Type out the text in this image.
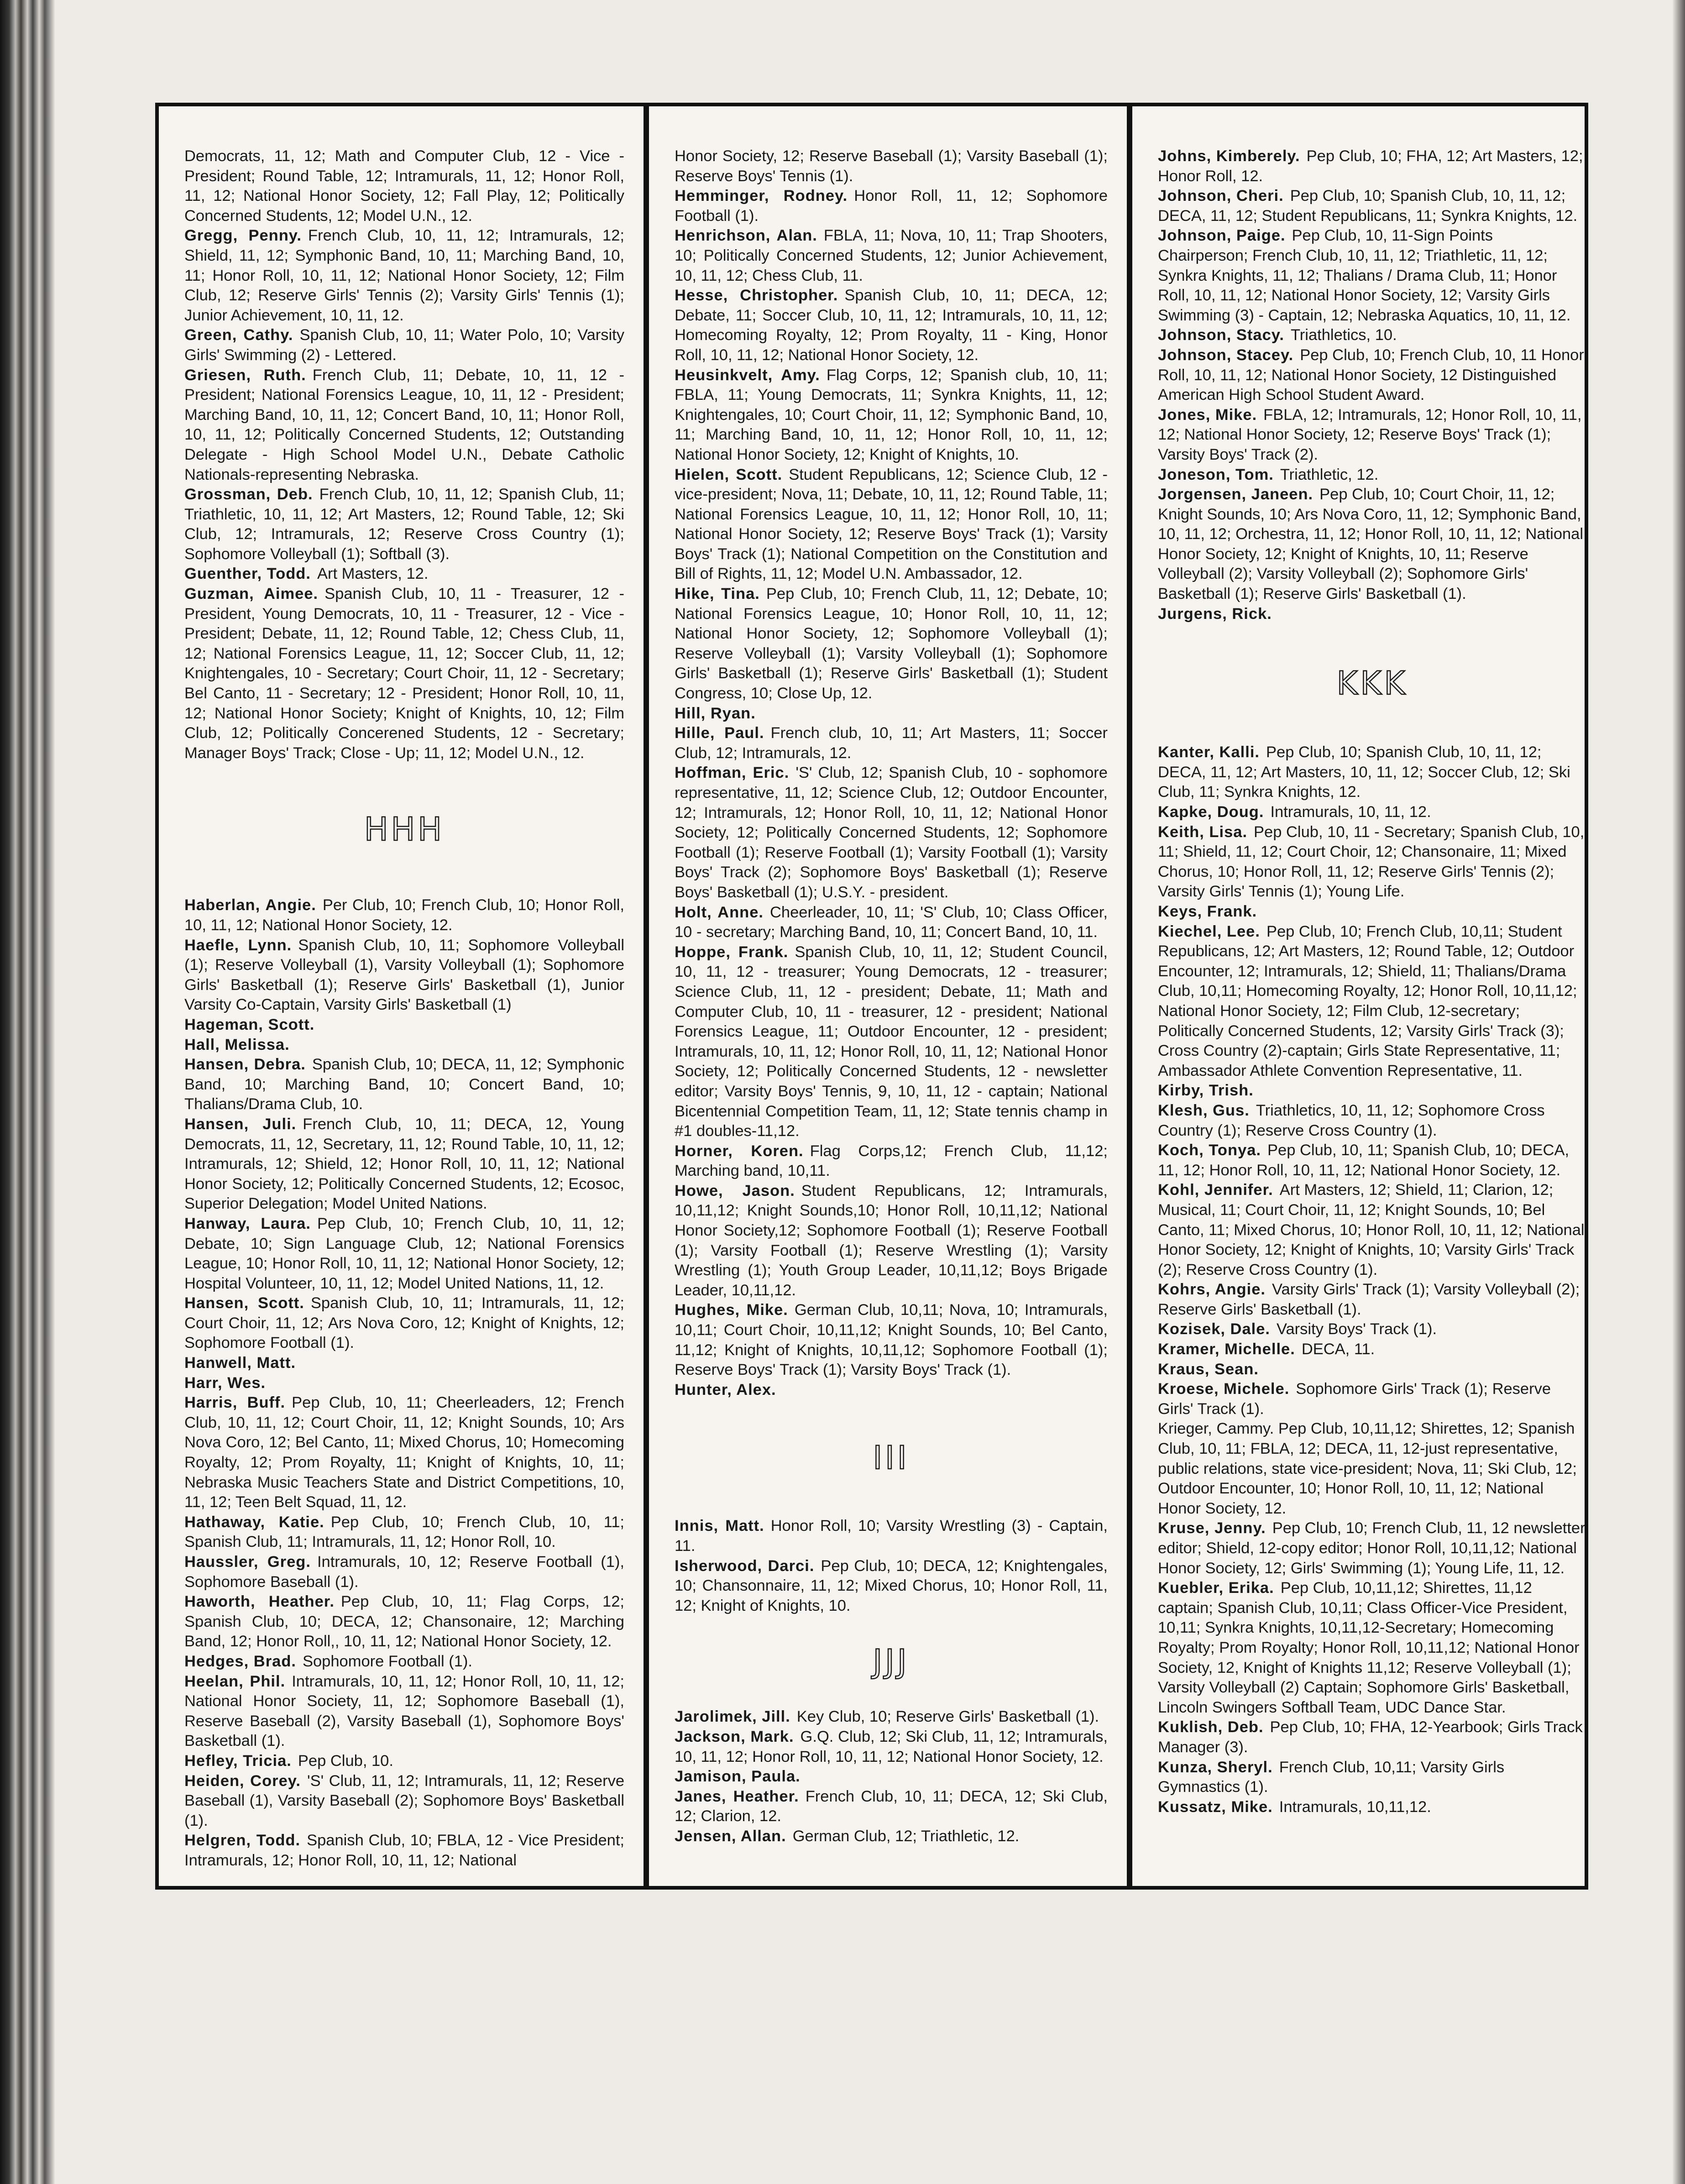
Democrats, 11, 12; Math and Computer Club, 12 - Vice - President; Round Table, 12; Intramurals, 11, 12; Honor Roll, 11, 12; National Honor Society, 12; Fall Play, 12; Politically Concerned Students, 12; Model U.N., 12.

Gregg, Penny. French Club, 10, 11, 12; Intramurals, 12; Shield, 11, 12; Symphonic Band, 10, 11; Marching Band, 10, 11; Honor Roll, 10, 11, 12; National Honor Society, 12; Film Club, 12; Reserve Girls' Tennis (2); Varsity Girls' Tennis (1); Junior Achievement, 10, 11, 12.

Green, Cathy. Spanish Club, 10, 11; Water Polo, 10; Varsity Girls' Swimming (2) - Lettered.

Griesen, Ruth. French Club, 11; Debate, 10, 11, 12 - President; National Forensics League, 10, 11, 12 - President; Marching Band, 10, 11, 12; Concert Band, 10, 11; Honor Roll, 10, 11, 12; Politically Concerned Students, 12; Outstanding Delegate - High School Model U.N., Debate Catholic Nationals-representing Nebraska.

Grossman, Deb. French Club, 10, 11, 12; Spanish Club, 11; Triathletic, 10, 11, 12; Art Masters, 12; Round Table, 12; Ski Club, 12; Intramurals, 12; Reserve Cross Country (1); Sophomore Volleyball (1); Softball (3).

Guenther, Todd. Art Masters, 12.

Guzman, Aimee. Spanish Club, 10, 11 - Treasurer, 12 - President, Young Democrats, 10, 11 - Treasurer, 12 - Vice - President; Debate, 11, 12; Round Table, 12; Chess Club, 11, 12; National Forensics League, 11, 12; Soccer Club, 11, 12; Knightengales, 10 - Secretary; Court Choir, 11, 12 - Secretary; Bel Canto, 11 - Secretary; 12 - President; Honor Roll, 10, 11, 12; National Honor Society; Knight of Knights, 10, 12; Film Club, 12; Politically Concerened Students, 12 - Secretary; Manager Boys' Track; Close - Up; 11, 12; Model U.N., 12.

HHH

Haberlan, Angie. Per Club, 10; French Club, 10; Honor Roll, 10, 11, 12; National Honor Society, 12.

Haefle, Lynn. Spanish Club, 10, 11; Sophomore Volleyball (1); Reserve Volleyball (1), Varsity Volleyball (1); Sophomore Girls' Basketball (1); Reserve Girls' Basketball (1), Junior Varsity Co-Captain, Varsity Girls' Basketball (1)

Hageman, Scott.

Hall, Melissa.

Hansen, Debra. Spanish Club, 10; DECA, 11, 12; Symphonic Band, 10; Marching Band, 10; Concert Band, 10; Thalians/Drama Club, 10.

Hansen, Juli. French Club, 10, 11; DECA, 12, Young Democrats, 11, 12, Secretary, 11, 12; Round Table, 10, 11, 12; Intramurals, 12; Shield, 12; Honor Roll, 10, 11, 12; National Honor Society, 12; Politically Concerned Students, 12; Ecosoc, Superior Delegation; Model United Nations.

Hanway, Laura. Pep Club, 10; French Club, 10, 11, 12; Debate, 10; Sign Language Club, 12; National Forensics League, 10; Honor Roll, 10, 11, 12; National Honor Society, 12; Hospital Volunteer, 10, 11, 12; Model United Nations, 11, 12.

Hansen, Scott. Spanish Club, 10, 11; Intramurals, 11, 12; Court Choir, 11, 12; Ars Nova Coro, 12; Knight of Knights, 12; Sophomore Football (1).

Hanwell, Matt.

Harr, Wes.

Harris, Buff. Pep Club, 10, 11; Cheerleaders, 12; French Club, 10, 11, 12; Court Choir, 11, 12; Knight Sounds, 10; Ars Nova Coro, 12; Bel Canto, 11; Mixed Chorus, 10; Homecoming Royalty, 12; Prom Royalty, 11; Knight of Knights, 10, 11; Nebraska Music Teachers State and District Competitions, 10, 11, 12; Teen Belt Squad, 11, 12.

Hathaway, Katie. Pep Club, 10; French Club, 10, 11; Spanish Club, 11; Intramurals, 11, 12; Honor Roll, 10.

Haussler, Greg. Intramurals, 10, 12; Reserve Football (1), Sophomore Baseball (1).

Haworth, Heather. Pep Club, 10, 11; Flag Corps, 12; Spanish Club, 10; DECA, 12; Chansonaire, 12; Marching Band, 12; Honor Roll,, 10, 11, 12; National Honor Society, 12.

Hedges, Brad. Sophomore Football (1).

Heelan, Phil. Intramurals, 10, 11, 12; Honor Roll, 10, 11, 12; National Honor Society, 11, 12; Sophomore Baseball (1), Reserve Baseball (2), Varsity Baseball (1), Sophomore Boys' Basketball (1).

Hefley, Tricia. Pep Club, 10.

Heiden, Corey. 'S' Club, 11, 12; Intramurals, 11, 12; Reserve Baseball (1), Varsity Baseball (2); Sophomore Boys' Basketball (1).

Helgren, Todd. Spanish Club, 10; FBLA, 12 - Vice President; Intramurals, 12; Honor Roll, 10, 11, 12; National

Honor Society, 12; Reserve Baseball (1); Varsity Baseball (1); Reserve Boys' Tennis (1).

Hemminger, Rodney. Honor Roll, 11, 12; Sophomore Football (1).

Henrichson, Alan. FBLA, 11; Nova, 10, 11; Trap Shooters, 10; Politically Concerned Students, 12; Junior Achievement, 10, 11, 12; Chess Club, 11.

Hesse, Christopher. Spanish Club, 10, 11; DECA, 12; Debate, 11; Soccer Club, 10, 11, 12; Intramurals, 10, 11, 12; Homecoming Royalty, 12; Prom Royalty, 11 - King, Honor Roll, 10, 11, 12; National Honor Society, 12.

Heusinkvelt, Amy. Flag Corps, 12; Spanish club, 10, 11; FBLA, 11; Young Democrats, 11; Synkra Knights, 11, 12; Knightengales, 10; Court Choir, 11, 12; Symphonic Band, 10, 11; Marching Band, 10, 11, 12; Honor Roll, 10, 11, 12; National Honor Society, 12; Knight of Knights, 10.

Hielen, Scott. Student Republicans, 12; Science Club, 12 - vice-president; Nova, 11; Debate, 10, 11, 12; Round Table, 11; National Forensics League, 10, 11, 12; Honor Roll, 10, 11; National Honor Society, 12; Reserve Boys' Track (1); Varsity Boys' Track (1); National Competition on the Constitution and Bill of Rights, 11, 12; Model U.N. Ambassador, 12.

Hike, Tina. Pep Club, 10; French Club, 11, 12; Debate, 10; National Forensics League, 10; Honor Roll, 10, 11, 12; National Honor Society, 12; Sophomore Volleyball (1); Reserve Volleyball (1); Varsity Volleyball (1); Sophomore Girls' Basketball (1); Reserve Girls' Basketball (1); Student Congress, 10; Close Up, 12.

Hill, Ryan.

Hille, Paul. French club, 10, 11; Art Masters, 11; Soccer Club, 12; Intramurals, 12.

Hoffman, Eric. 'S' Club, 12; Spanish Club, 10 - sophomore representative, 11, 12; Science Club, 12; Outdoor Encounter, 12; Intramurals, 12; Honor Roll, 10, 11, 12; National Honor Society, 12; Politically Concerned Students, 12; Sophomore Football (1); Reserve Football (1); Varsity Football (1); Varsity Boys' Track (2); Sophomore Boys' Basketball (1); Reserve Boys' Basketball (1); U.S.Y. - president.

Holt, Anne. Cheerleader, 10, 11; 'S' Club, 10; Class Officer, 10 - secretary; Marching Band, 10, 11; Concert Band, 10, 11.

Hoppe, Frank. Spanish Club, 10, 11, 12; Student Council, 10, 11, 12 - treasurer; Young Democrats, 12 - treasurer; Science Club, 11, 12 - president; Debate, 11; Math and Computer Club, 10, 11 - treasurer, 12 - president; National Forensics League, 11; Outdoor Encounter, 12 - president; Intramurals, 10, 11, 12; Honor Roll, 10, 11, 12; National Honor Society, 12; Politically Concerned Students, 12 - newsletter editor; Varsity Boys' Tennis, 9, 10, 11, 12 - captain; National Bicentennial Competition Team, 11, 12; State tennis champ in #1 doubles-11,12.

Horner, Koren. Flag Corps,12; French Club, 11,12; Marching band, 10,11.

Howe, Jason. Student Republicans, 12; Intramurals, 10,11,12; Knight Sounds,10; Honor Roll, 10,11,12; National Honor Society,12; Sophomore Football (1); Reserve Football (1); Varsity Football (1); Reserve Wrestling (1); Varsity Wrestling (1); Youth Group Leader, 10,11,12; Boys Brigade Leader, 10,11,12.

Hughes, Mike. German Club, 10,11; Nova, 10; Intramurals, 10,11; Court Choir, 10,11,12; Knight Sounds, 10; Bel Canto, 11,12; Knight of Knights, 10,11,12; Sophomore Football (1); Reserve Boys' Track (1); Varsity Boys' Track (1).

Hunter, Alex.

III

Innis, Matt. Honor Roll, 10; Varsity Wrestling (3) - Captain, 11.

Isherwood, Darci. Pep Club, 10; DECA, 12; Knightengales, 10; Chansonnaire, 11, 12; Mixed Chorus, 10; Honor Roll, 11, 12; Knight of Knights, 10.

JJJ

Jarolimek, Jill. Key Club, 10; Reserve Girls' Basketball (1).

Jackson, Mark. G.Q. Club, 12; Ski Club, 11, 12; Intramurals, 10, 11, 12; Honor Roll, 10, 11, 12; National Honor Society, 12.

Jamison, Paula.

Janes, Heather. French Club, 10, 11; DECA, 12; Ski Club, 12; Clarion, 12.

Jensen, Allan. German Club, 12; Triathletic, 12.

Johns, Kimberely. Pep Club, 10; FHA, 12; Art Masters, 12; Honor Roll, 12.

Johnson, Cheri. Pep Club, 10; Spanish Club, 10, 11, 12; DECA, 11, 12; Student Republicans, 11; Synkra Knights, 12.

Johnson, Paige. Pep Club, 10, 11-Sign Points Chairperson; French Club, 10, 11, 12; Triathletic, 11, 12; Synkra Knights, 11, 12; Thalians / Drama Club, 11; Honor Roll, 10, 11, 12; National Honor Society, 12; Varsity Girls Swimming (3) - Captain, 12; Nebraska Aquatics, 10, 11, 12.

Johnson, Stacy. Triathletics, 10.

Johnson, Stacey. Pep Club, 10; French Club, 10, 11 Honor Roll, 10, 11, 12; National Honor Society, 12 Distinguished American High School Student Award.

Jones, Mike. FBLA, 12; Intramurals, 12; Honor Roll, 10, 11, 12; National Honor Society, 12; Reserve Boys' Track (1); Varsity Boys' Track (2).

Joneson, Tom. Triathletic, 12.

Jorgensen, Janeen. Pep Club, 10; Court Choir, 11, 12; Knight Sounds, 10; Ars Nova Coro, 11, 12; Symphonic Band, 10, 11, 12; Orchestra, 11, 12; Honor Roll, 10, 11, 12; National Honor Society, 12; Knight of Knights, 10, 11; Reserve Volleyball (2); Varsity Volleyball (2); Sophomore Girls' Basketball (1); Reserve Girls' Basketball (1).

Jurgens, Rick.

KKK

Kanter, Kalli. Pep Club, 10; Spanish Club, 10, 11, 12; DECA, 11, 12; Art Masters, 10, 11, 12; Soccer Club, 12; Ski Club, 11; Synkra Knights, 12.

Kapke, Doug. Intramurals, 10, 11, 12.

Keith, Lisa. Pep Club, 10, 11 - Secretary; Spanish Club, 10, 11; Shield, 11, 12; Court Choir, 12; Chansonaire, 11; Mixed Chorus, 10; Honor Roll, 11, 12; Reserve Girls' Tennis (2); Varsity Girls' Tennis (1); Young Life.

Keys, Frank.

Kiechel, Lee. Pep Club, 10; French Club, 10,11; Student Republicans, 12; Art Masters, 12; Round Table, 12; Outdoor Encounter, 12; Intramurals, 12; Shield, 11; Thalians/Drama Club, 10,11; Homecoming Royalty, 12; Honor Roll, 10,11,12; National Honor Society, 12; Film Club, 12-secretary; Politically Concerned Students, 12; Varsity Girls' Track (3); Cross Country (2)-captain; Girls State Representative, 11; Ambassador Athlete Convention Representative, 11.

Kirby, Trish.

Klesh, Gus. Triathletics, 10, 11, 12; Sophomore Cross Country (1); Reserve Cross Country (1).

Koch, Tonya. Pep Club, 10, 11; Spanish Club, 10; DECA, 11, 12; Honor Roll, 10, 11, 12; National Honor Society, 12.

Kohl, Jennifer. Art Masters, 12; Shield, 11; Clarion, 12; Musical, 11; Court Choir, 11, 12; Knight Sounds, 10; Bel Canto, 11; Mixed Chorus, 10; Honor Roll, 10, 11, 12; National Honor Society, 12; Knight of Knights, 10; Varsity Girls' Track (2); Reserve Cross Country (1).

Kohrs, Angie. Varsity Girls' Track (1); Varsity Volleyball (2); Reserve Girls' Basketball (1).

Kozisek, Dale. Varsity Boys' Track (1).

Kramer, Michelle. DECA, 11.

Kraus, Sean.

Kroese, Michele. Sophomore Girls' Track (1); Reserve Girls' Track (1).

Krieger, Cammy. Pep Club, 10,11,12; Shirettes, 12; Spanish Club, 10, 11; FBLA, 12; DECA, 11, 12-just representative, public relations, state vice-president; Nova, 11; Ski Club, 12; Outdoor Encounter, 10; Honor Roll, 10, 11, 12; National Honor Society, 12.

Kruse, Jenny. Pep Club, 10; French Club, 11, 12 newsletter editor; Shield, 12-copy editor; Honor Roll, 10,11,12; National Honor Society, 12; Girls' Swimming (1); Young Life, 11, 12.

Kuebler, Erika. Pep Club, 10,11,12; Shirettes, 11,12 captain; Spanish Club, 10,11; Class Officer-Vice President, 10,11; Synkra Knights, 10,11,12-Secretary; Homecoming Royalty; Prom Royalty; Honor Roll, 10,11,12; National Honor Society, 12, Knight of Knights 11,12; Reserve Volleyball (1); Varsity Volleyball (2) Captain; Sophomore Girls' Basketball, Lincoln Swingers Softball Team, UDC Dance Star.

Kuklish, Deb. Pep Club, 10; FHA, 12-Yearbook; Girls Track Manager (3).

Kunza, Sheryl. French Club, 10,11; Varsity Girls Gymnastics (1).

Kussatz, Mike. Intramurals, 10,11,12.
